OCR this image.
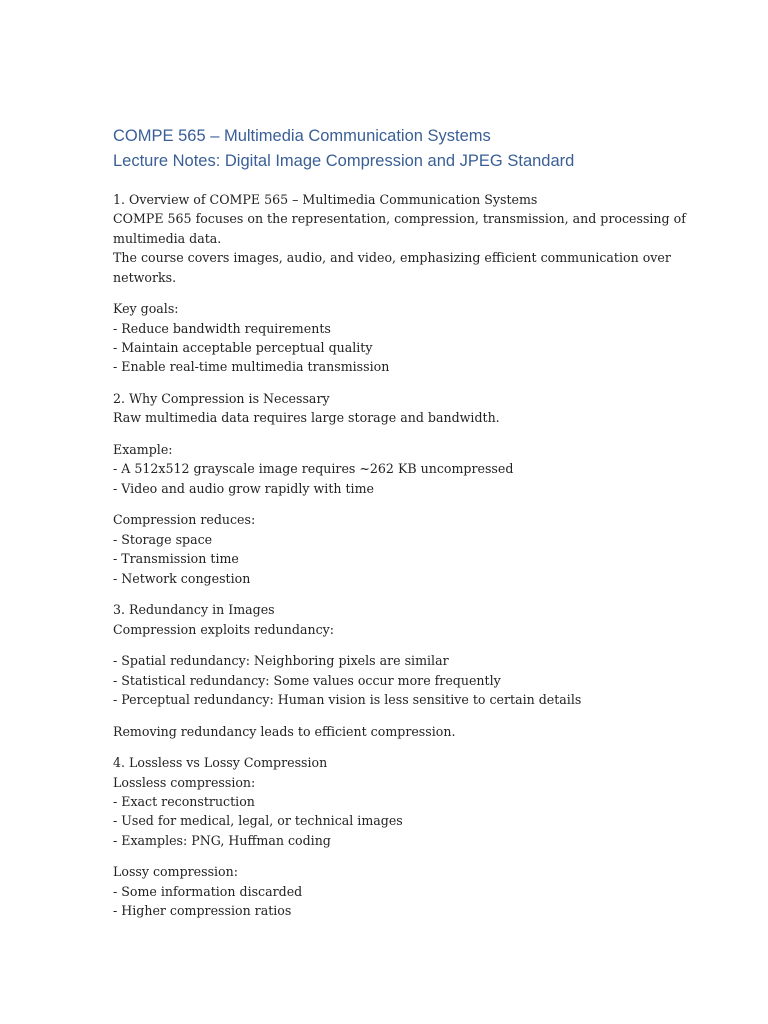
COMPE 565 – Multimedia Communication Systems
Lecture Notes: Digital Image Compression and JPEG Standard

1. Overview of COMPE 565 – Multimedia Communication Systems
COMPE 565 focuses on the representation, compression, transmission, and processing of
multimedia data.
The course covers images, audio, and video, emphasizing efficient communication over
networks.

Key goals:
- Reduce bandwidth requirements
- Maintain acceptable perceptual quality
- Enable real-time multimedia transmission

2. Why Compression is Necessary
Raw multimedia data requires large storage and bandwidth.

Example:
- A 512x512 grayscale image requires ~262 KB uncompressed
- Video and audio grow rapidly with time

Compression reduces:
- Storage space
- Transmission time
- Network congestion

3. Redundancy in Images
Compression exploits redundancy:

- Spatial redundancy: Neighboring pixels are similar
- Statistical redundancy: Some values occur more frequently
- Perceptual redundancy: Human vision is less sensitive to certain details

Removing redundancy leads to efficient compression.

4. Lossless vs Lossy Compression
Lossless compression:
- Exact reconstruction
- Used for medical, legal, or technical images
- Examples: PNG, Huffman coding

Lossy compression:
- Some information discarded
- Higher compression ratios
